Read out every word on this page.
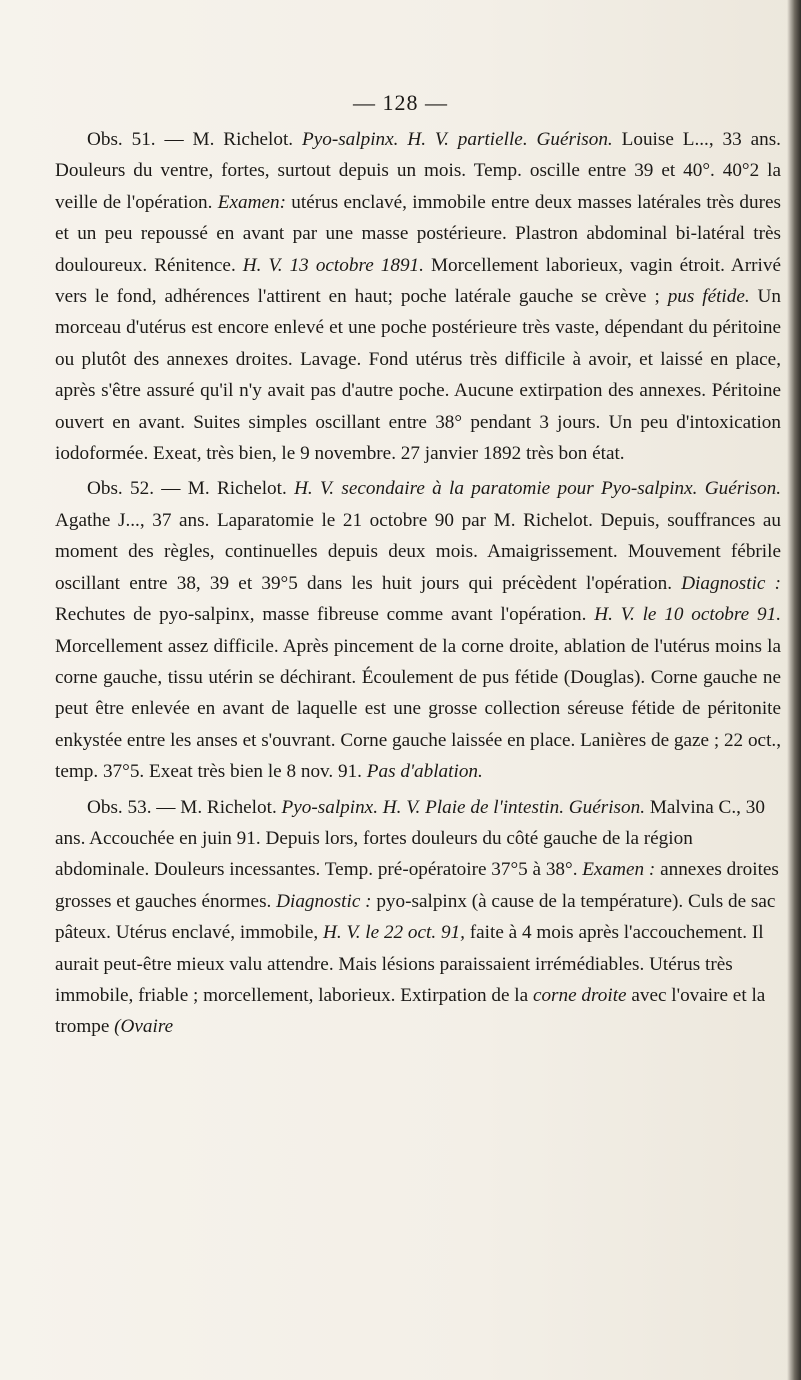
— 128 —

Obs. 51. — M. Richelot. Pyo-salpinx. H. V. partielle. Guérison. Louise L..., 33 ans. Douleurs du ventre, fortes, surtout depuis un mois. Temp. oscille entre 39 et 40°. 40°2 la veille de l'opération. Examen: utérus enclavé, immobile entre deux masses latérales très dures et un peu repoussé en avant par une masse postérieure. Plastron abdominal bi-latéral très douloureux. Rénitence. H. V. 13 octobre 1891. Morcellement laborieux, vagin étroit. Arrivé vers le fond, adhérences l'attirent en haut; poche latérale gauche se crève ; pus fétide. Un morceau d'utérus est encore enlevé et une poche postérieure très vaste, dépendant du péritoine ou plutôt des annexes droites. Lavage. Fond utérus très difficile à avoir, et laissé en place, après s'être assuré qu'il n'y avait pas d'autre poche. Aucune extirpation des annexes. Péritoine ouvert en avant. Suites simples oscillant entre 38° pendant 3 jours. Un peu d'intoxication iodoformée. Exeat, très bien, le 9 novembre. 27 janvier 1892 très bon état.

Obs. 52. — M. Richelot. H. V. secondaire à la paratomie pour Pyo-salpinx. Guérison. Agathe J..., 37 ans. Laparatomie le 21 octobre 90 par M. Richelot. Depuis, souffrances au moment des règles, continuelles depuis deux mois. Amaigrissement. Mouvement fébrile oscillant entre 38, 39 et 39°5 dans les huit jours qui précèdent l'opération. Diagnostic : Rechutes de pyo-salpinx, masse fibreuse comme avant l'opération. H. V. le 10 octobre 91. Morcellement assez difficile. Après pincement de la corne droite, ablation de l'utérus moins la corne gauche, tissu utérin se déchirant. Écoulement de pus fétide (Douglas). Corne gauche ne peut être enlevée en avant de laquelle est une grosse collection séreuse fétide de péritonite enkystée entre les anses et s'ouvrant. Corne gauche laissée en place. Lanières de gaze ; 22 oct., temp. 37°5. Exeat très bien le 8 nov. 91. Pas d'ablation.

Obs. 53. — M. Richelot. Pyo-salpinx. H. V. Plaie de l'intestin. Guérison. Malvina C., 30 ans. Accouchée en juin 91. Depuis lors, fortes douleurs du côté gauche de la région abdominale. Douleurs incessantes. Temp. pré-opératoire 37°5 à 38°. Examen : annexes droites grosses et gauches énormes. Diagnostic : pyo-salpinx (à cause de la température). Culs de sac pâteux. Utérus enclavé, immobile, H. V. le 22 oct. 91, faite à 4 mois après l'accouchement. Il aurait peut-être mieux valu attendre. Mais lésions paraissaient irrémédiables. Utérus très immobile, friable ; morcellement, laborieux. Extirpation de la corne droite avec l'ovaire et la trompe (Ovaire
